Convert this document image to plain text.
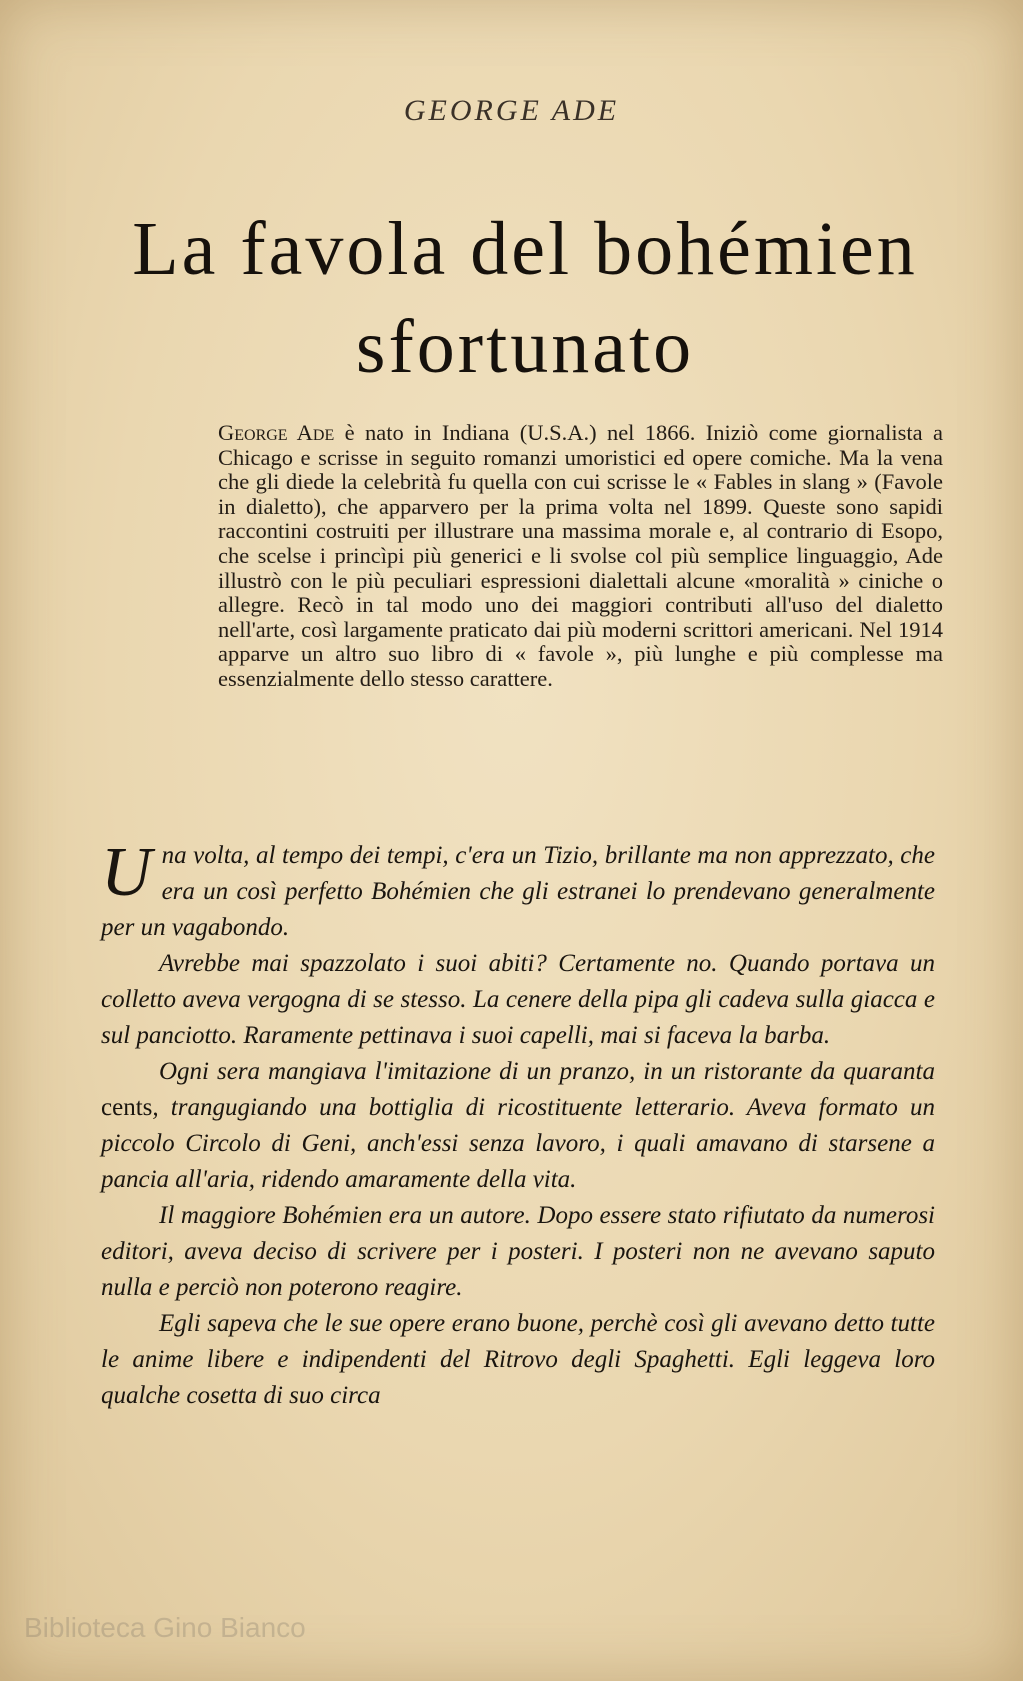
GEORGE ADE
La favola del bohémien sfortunato

George Ade è nato in Indiana (U.S.A.) nel 1866. Iniziò come giornalista a Chicago e scrisse in seguito romanzi umoristici ed opere comiche. Ma la vena che gli diede la celebrità fu quella con cui scrisse le « Fables in slang » (Favole in dialetto), che apparvero per la prima volta nel 1899. Queste sono sapidi raccontini costruiti per illustrare una massima morale e, al contrario di Esopo, che scelse i princìpi più generici e li svolse col più semplice linguaggio, Ade illustrò con le più peculiari espressioni dialettali alcune «moralità » ciniche o allegre. Recò in tal modo uno dei maggiori contributi all'uso del dialetto nell'arte, così largamente praticato dai più moderni scrittori americani. Nel 1914 apparve un altro suo libro di « favole », più lunghe e più complesse ma essenzialmente dello stesso carattere.

Una volta, al tempo dei tempi, c'era un Tizio, brillante ma non apprezzato, che era un così perfetto Bohémien che gli estranei lo prendevano generalmente per un vagabondo.

Avrebbe mai spazzolato i suoi abiti? Certamente no. Quando portava un colletto aveva vergogna di se stesso. La cenere della pipa gli cadeva sulla giacca e sul panciotto. Raramente pettinava i suoi capelli, mai si faceva la barba.

Ogni sera mangiava l'imitazione di un pranzo, in un ristorante da quaranta cents, trangugiando una bottiglia di ricostituente letterario. Aveva formato un piccolo Circolo di Geni, anch'essi senza lavoro, i quali amavano di starsene a pancia all'aria, ridendo amaramente della vita.

Il maggiore Bohémien era un autore. Dopo essere stato rifiutato da numerosi editori, aveva deciso di scrivere per i posteri. I posteri non ne avevano saputo nulla e perciò non poterono reagire.

Egli sapeva che le sue opere erano buone, perchè così gli avevano detto tutte le anime libere e indipendenti del Ritrovo degli Spaghetti. Egli leggeva loro qualche cosetta di suo circa

Biblioteca Gino Bianco
